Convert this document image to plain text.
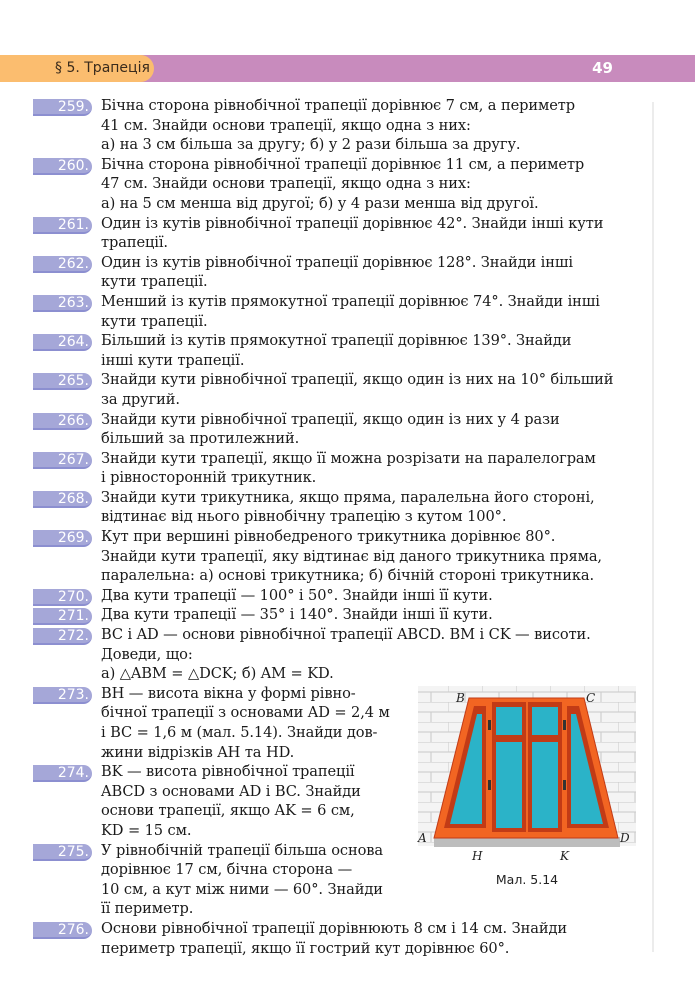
§ 5. Трапеція	49
259. Бічна сторона рівнобічної трапеції дорівнює 7 см, а периметр
41 см. Знайди основи трапеції, якщо одна з них:
а) на 3 см більша за другу; б) у 2 рази більша за другу.
260. Бічна сторона рівнобічної трапеції дорівнює 11 см, а периметр
47 см. Знайди основи трапеції, якщо одна з них:
а) на 5 см менша від другої; б) у 4 рази менша від другої.
261. Один із кутів рівнобічної трапеції дорівнює 42°. Знайди інші кути
трапеції.
262. Один із кутів рівнобічної трапеції дорівнює 128°. Знайди інші
кути трапеції.
263. Менший із кутів прямокутної трапеції дорівнює 74°. Знайди інші
кути трапеції.
264. Більший із кутів прямокутної трапеції дорівнює 139°. Знайди
інші кути трапеції.
265. Знайди кути рівнобічної трапеції, якщо один із них на 10° більший
за другий.
266. Знайди кути рівнобічної трапеції, якщо один із них у 4 рази
більший за протилежний.
267. Знайди кути трапеції, якщо її можна розрізати на паралелограм
і рівносторонній трикутник.
268. Знайди кути трикутника, якщо пряма, паралельна його стороні,
відтинає від нього рівнобічну трапецію з кутом 100°.
269. Кут при вершині рівнобедреного трикутника дорівнює 80°.
Знайди кути трапеції, яку відтинає від даного трикутника пряма,
паралельна: а) основі трикутника; б) бічній стороні трикутника.
270. Два кути трапеції — 100° і 50°. Знайди інші її кути.
271. Два кути трапеції — 35° і 140°. Знайди інші її кути.
272. BC і AD — основи рівнобічної трапеції ABCD. BM і CK — висоти.
Доведи, що:
а) △ABM = △DCK; б) AM = KD.
273. BH — висота вікна у формі рівно-
бічної трапеції з основами AD = 2,4 м
і BC = 1,6 м (мал. 5.14). Знайди дов-
жини відрізків AH та HD.
274. BK — висота рівнобічної трапеції
ABCD з основами AD і BC. Знайди
основи трапеції, якщо AK = 6 см,
KD = 15 см.
275. У рівнобічній трапеції більша основа
дорівнює 17 см, бічна сторона —
10 см, а кут між ними — 60°. Знайди
її периметр.
276. Основи рівнобічної трапеції дорівнюють 8 см і 14 см. Знайди
периметр трапеції, якщо її гострий кут дорівнює 60°.
B	C
A	D
H	K
Мал. 5.14
